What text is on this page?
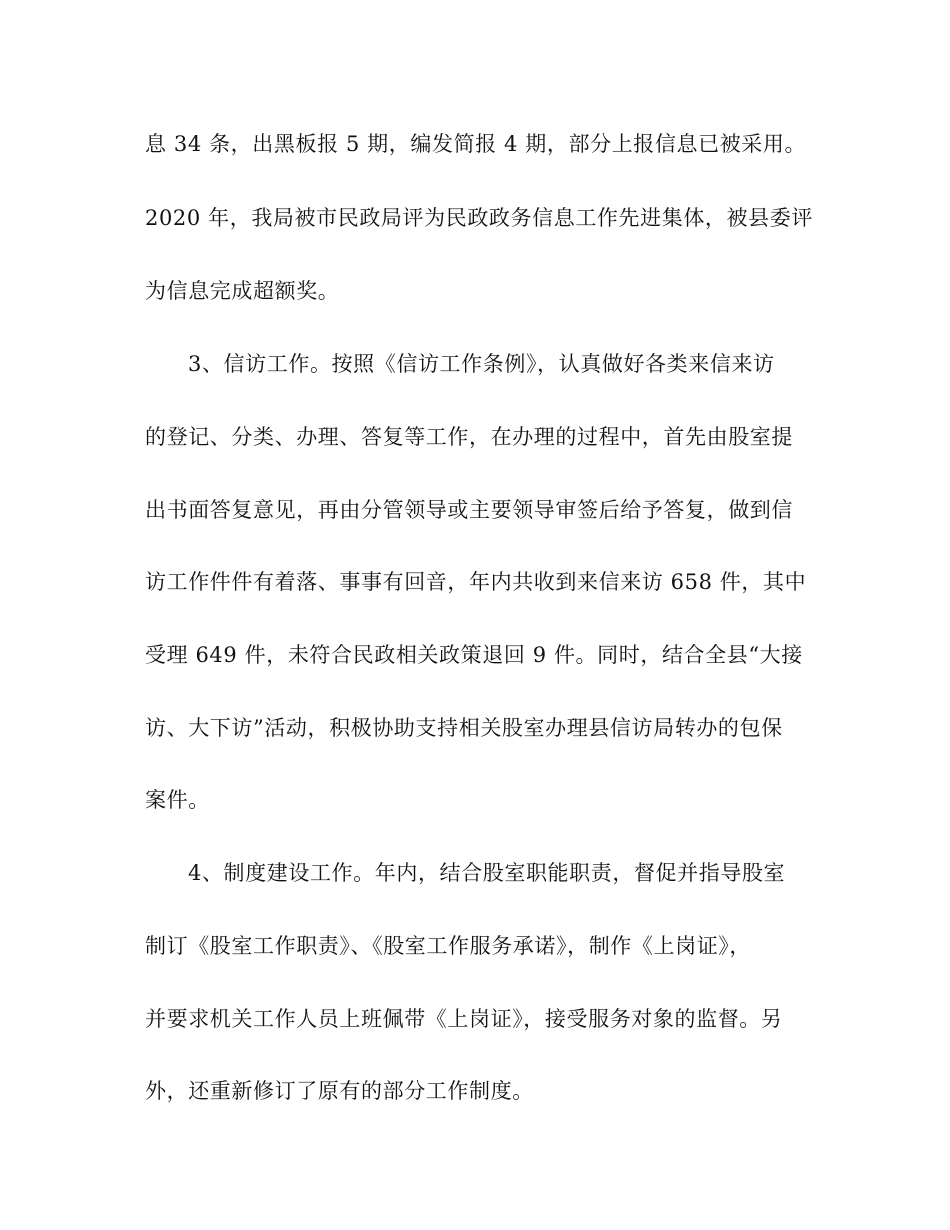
息 34 条，出黑板报 5 期，编发简报 4 期，部分上报信息已被采用。
2020 年，我局被市民政局评为民政政务信息工作先进集体，被县委评
为信息完成超额奖。
3、信访工作。按照《信访工作条例》，认真做好各类来信来访
的登记、分类、办理、答复等工作，在办理的过程中，首先由股室提
出书面答复意见，再由分管领导或主要领导审签后给予答复，做到信
访工作件件有着落、事事有回音，年内共收到来信来访 658 件，其中
受理 649 件，未符合民政相关政策退回 9 件。同时，结合全县“大接
访、大下访”活动，积极协助支持相关股室办理县信访局转办的包保
案件。
4、制度建设工作。年内，结合股室职能职责，督促并指导股室
制订《股室工作职责》、《股室工作服务承诺》，制作《上岗证》，
并要求机关工作人员上班佩带《上岗证》，接受服务对象的监督。另
外，还重新修订了原有的部分工作制度。
